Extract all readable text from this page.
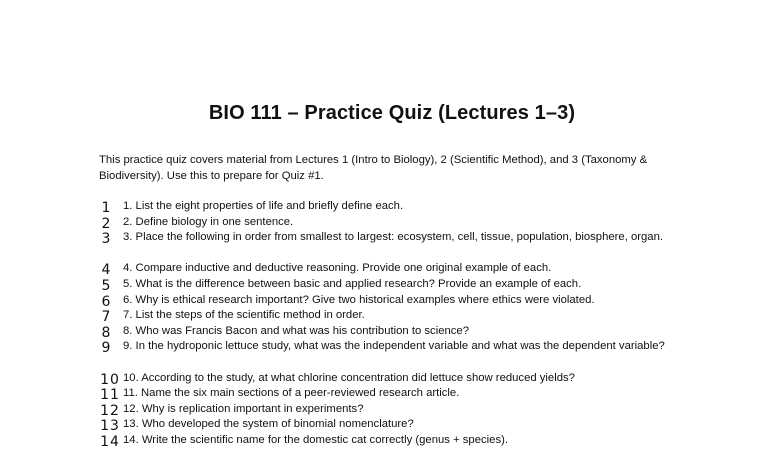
BIO 111 – Practice Quiz (Lectures 1–3)
This practice quiz covers material from Lectures 1 (Intro to Biology), 2 (Scientific Method), and 3 (Taxonomy & Biodiversity). Use this to prepare for Quiz #1.
1	1. List the eight properties of life and briefly define each.
2	2. Define biology in one sentence.
3	3. Place the following in order from smallest to largest: ecosystem, cell, tissue, population, biosphere, organ.
4	4. Compare inductive and deductive reasoning. Provide one original example of each.
5	5. What is the difference between basic and applied research? Provide an example of each.
6	6. Why is ethical research important? Give two historical examples where ethics were violated.
7	7. List the steps of the scientific method in order.
8	8. Who was Francis Bacon and what was his contribution to science?
9	9. In the hydroponic lettuce study, what was the independent variable and what was the dependent variable?
10 10. According to the study, at what chlorine concentration did lettuce show reduced yields?
11 11. Name the six main sections of a peer-reviewed research article.
12 12. Why is replication important in experiments?
13 13. Who developed the system of binomial nomenclature?
14 14. Write the scientific name for the domestic cat correctly (genus + species).
